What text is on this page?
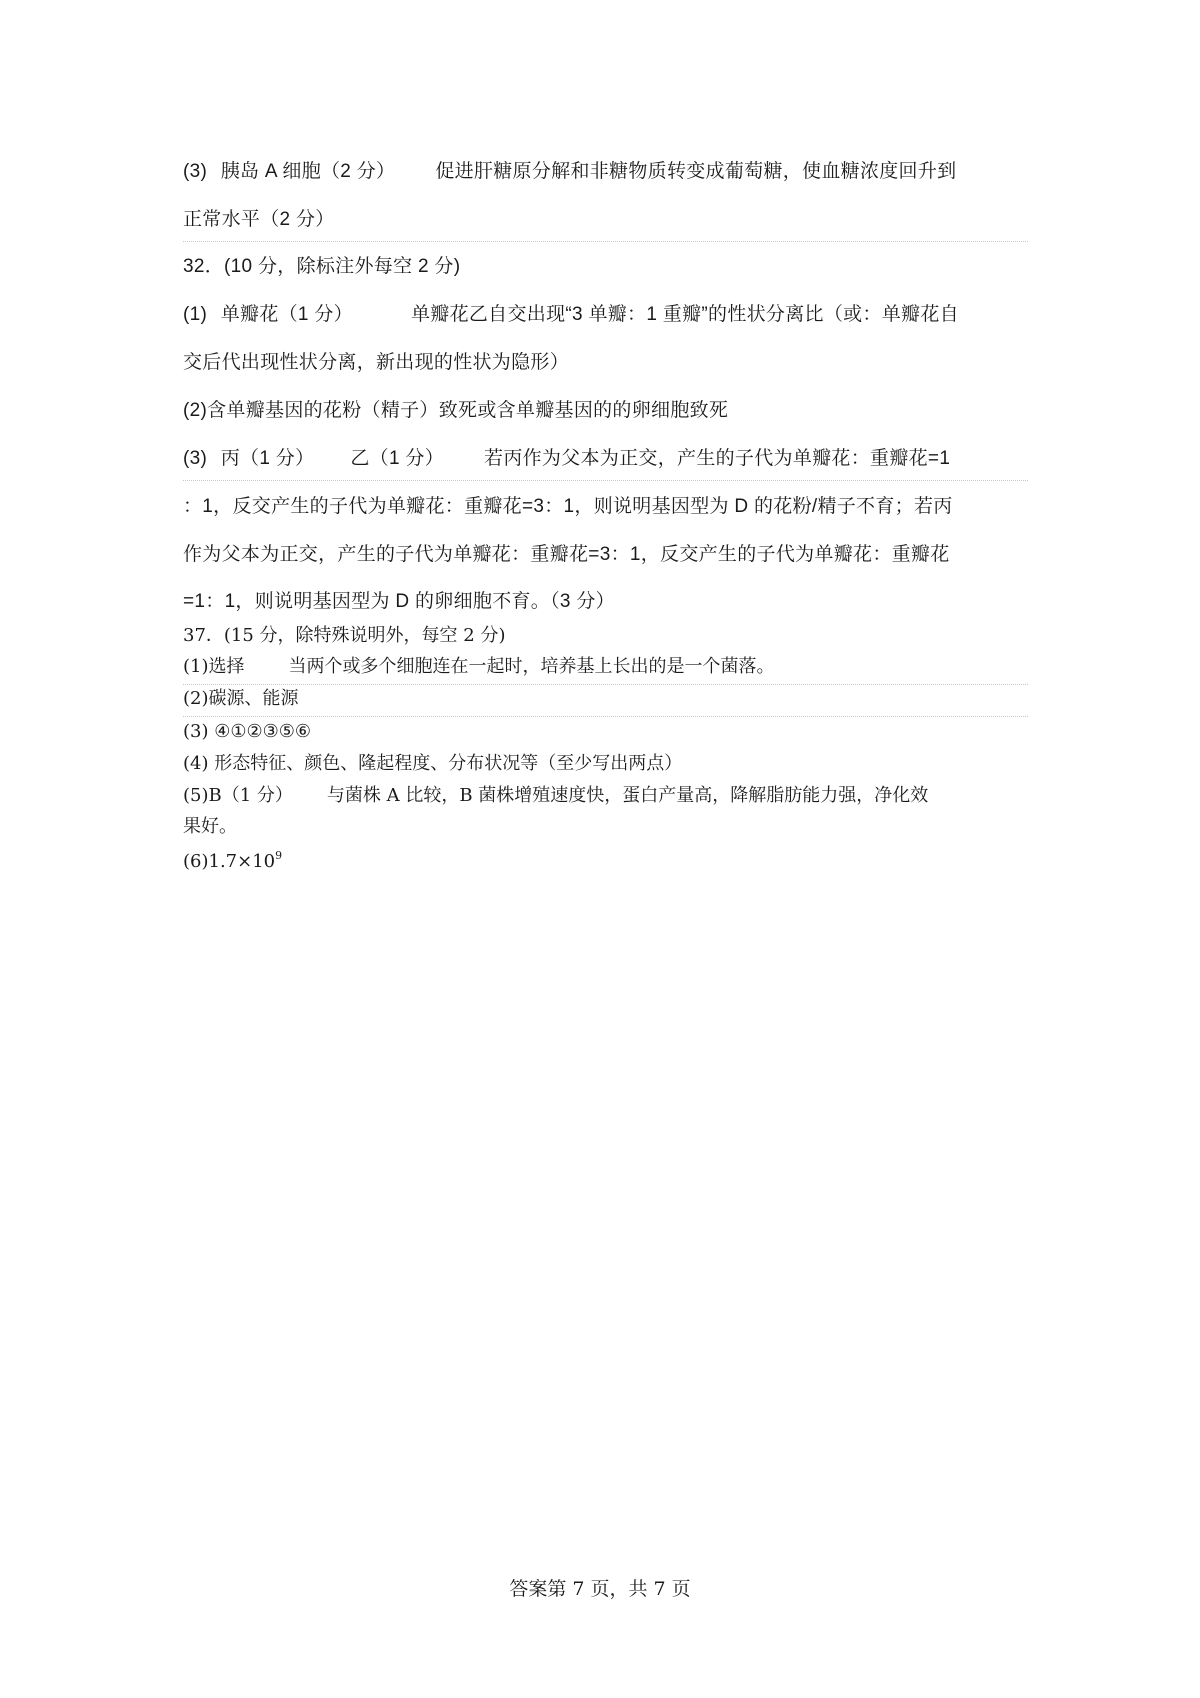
(3) 胰岛 A 细胞（2 分） 促进肝糖原分解和非糖物质转变成葡萄糖，使血糖浓度回升到
正常水平（2 分）
32．(10 分，除标注外每空 2 分)
(1) 单瓣花（1 分）	单瓣花乙自交出现“3 单瓣：1 重瓣”的性状分离比（或：单瓣花自
交后代出现性状分离，新出现的性状为隐形）
(2)含单瓣基因的花粉（精子）致死或含单瓣基因的的卵细胞致死
(3) 丙（1 分） 乙（1 分） 若丙作为父本为正交，产生的子代为单瓣花：重瓣花=1
：1，反交产生的子代为单瓣花：重瓣花=3：1，则说明基因型为 D 的花粉/精子不育；若丙
作为父本为正交，产生的子代为单瓣花：重瓣花=3：1，反交产生的子代为单瓣花：重瓣花
=1：1，则说明基因型为 D 的卵细胞不育。（3 分）
37．(15 分，除特殊说明外，每空 2 分)
(1)选择 当两个或多个细胞连在一起时，培养基上长出的是一个菌落。
(2)碳源、能源
(3) ④①②③⑤⑥
(4) 形态特征、颜色、隆起程度、分布状况等（至少写出两点）
(5)B（1 分） 与菌株 A 比较，B 菌株增殖速度快，蛋白产量高，降解脂肪能力强，净化效
果好。
$(6)1.7\times 10^9$
答案第 7 页，共 7 页
